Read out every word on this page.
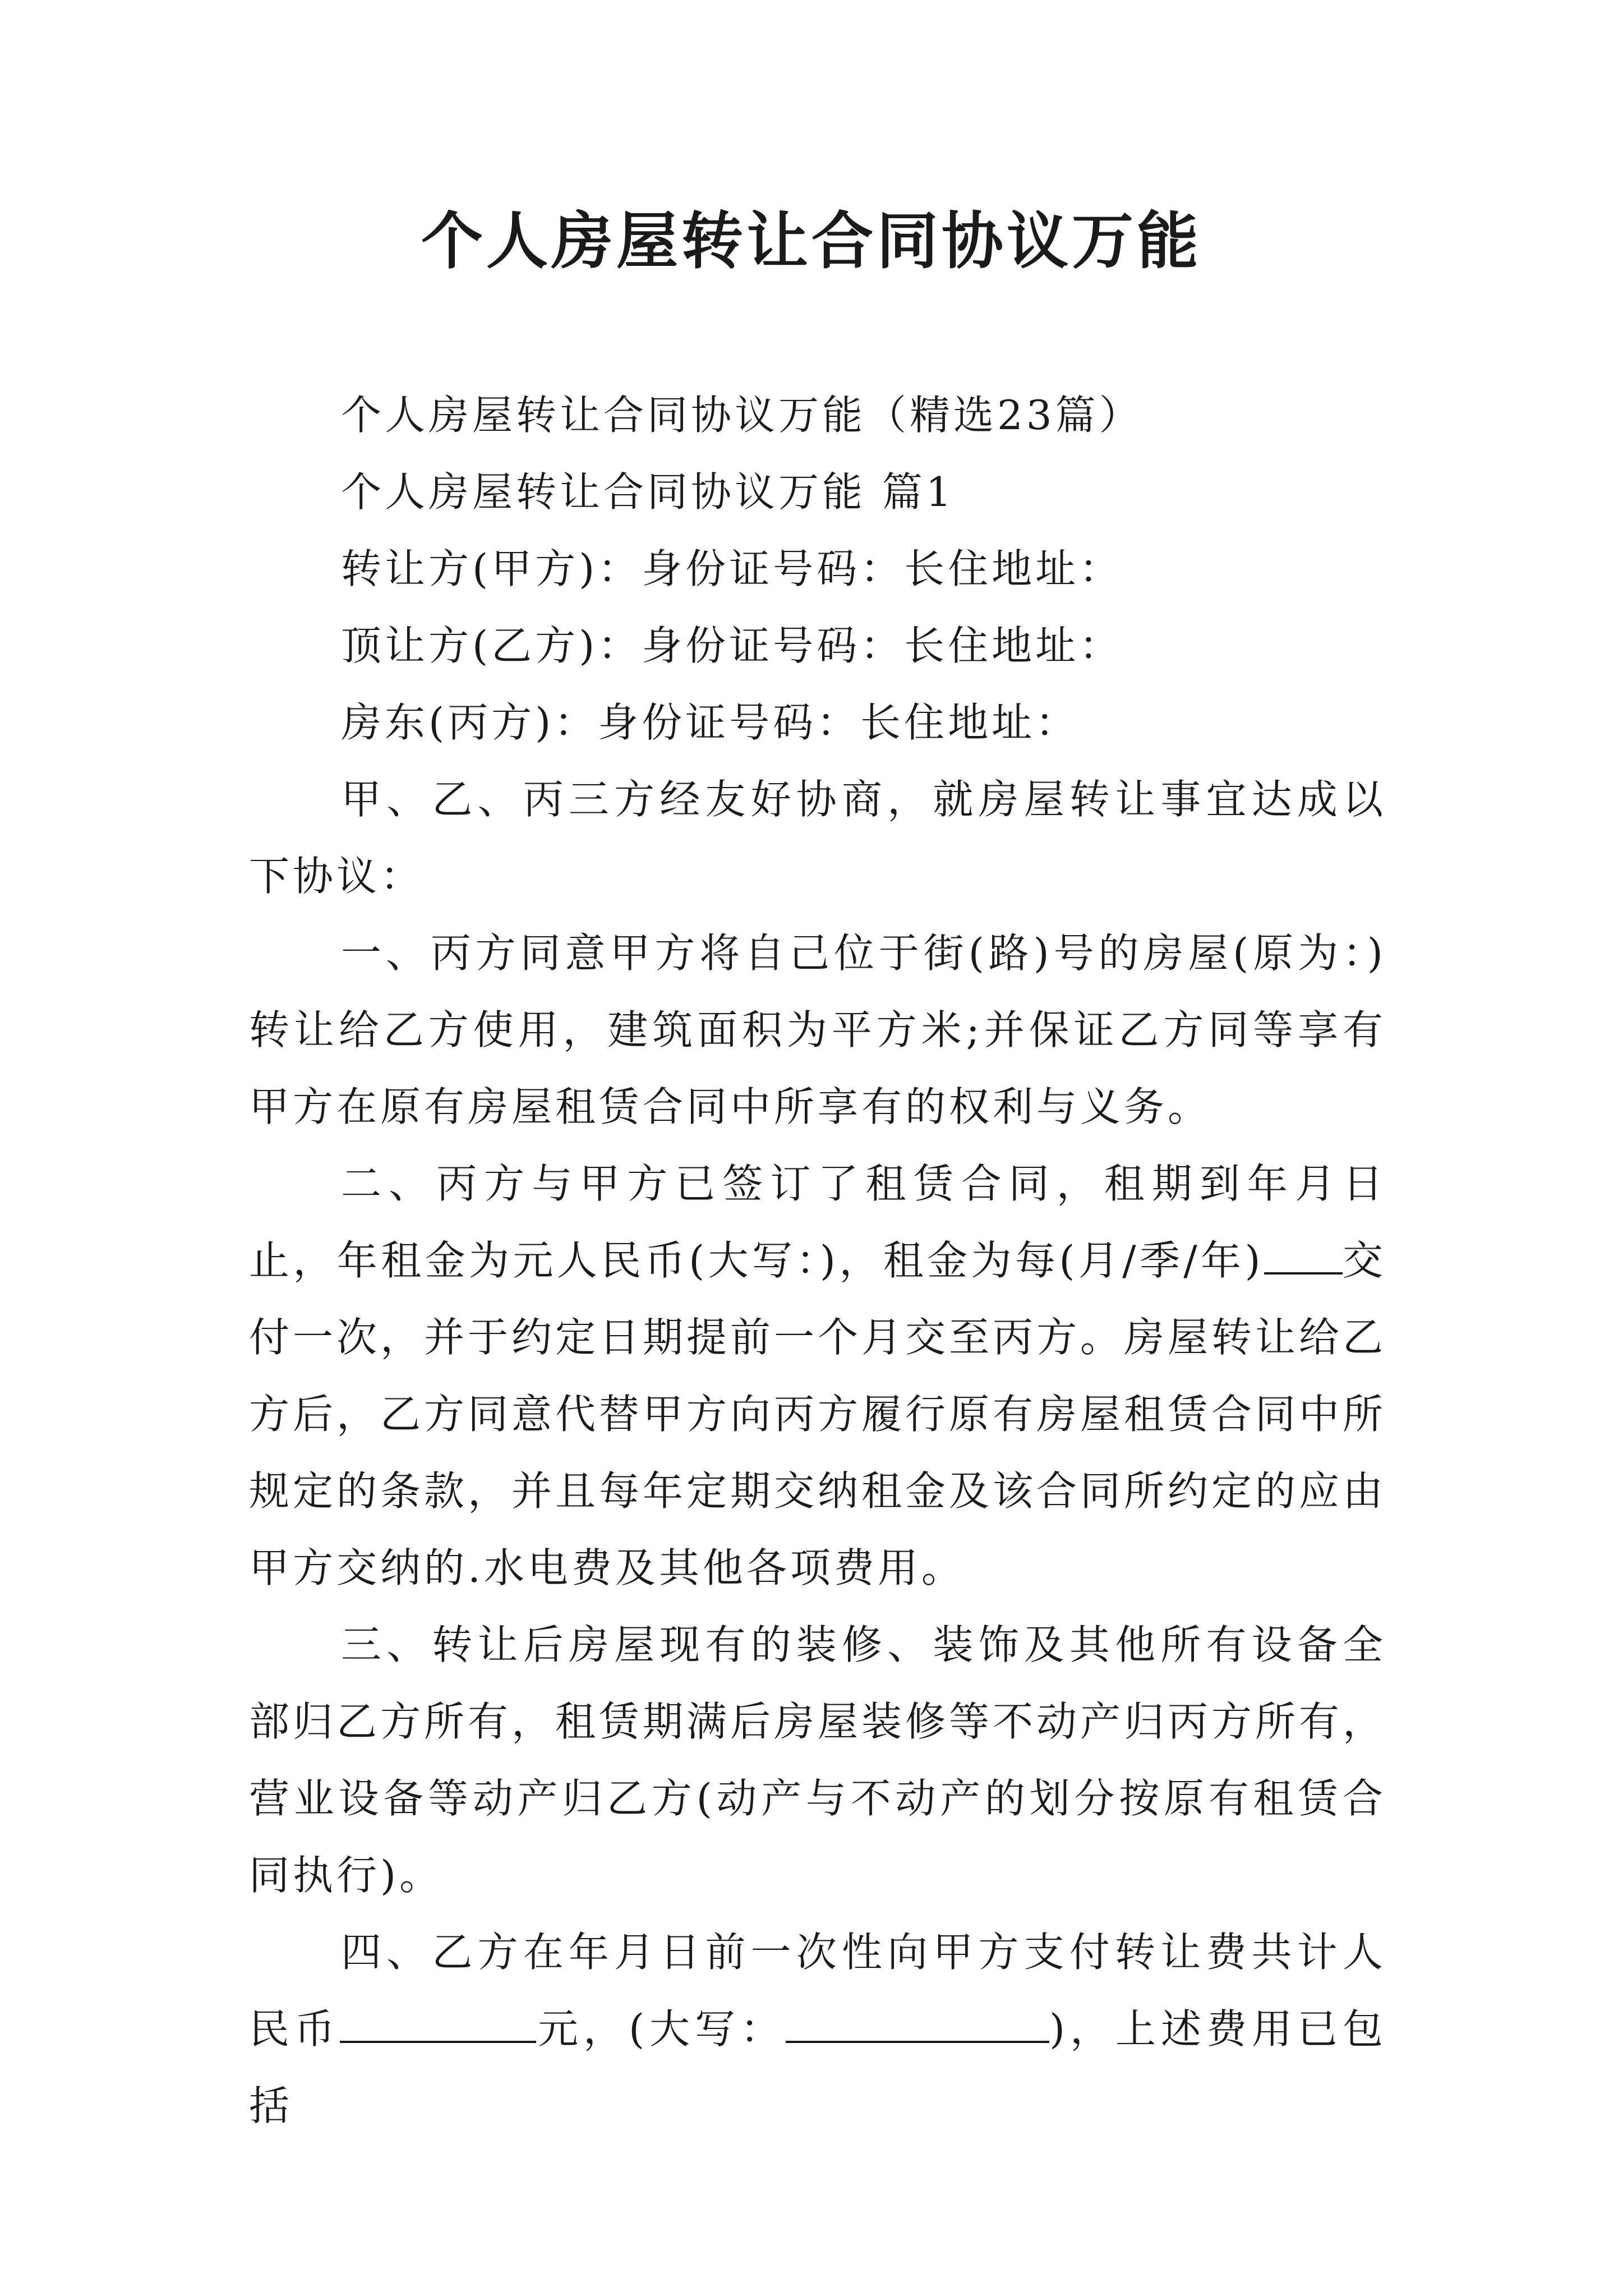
个人房屋转让合同协议万能

个人房屋转让合同协议万能（精选23篇）

个人房屋转让合同协议万能 篇1

转让方(甲方)：身份证号码：长住地址：

顶让方(乙方)：身份证号码：长住地址：

房东(丙方)：身份证号码：长住地址：

甲、乙、丙三方经友好协商，就房屋转让事宜达成以下协议：

一、丙方同意甲方将自己位于街(路)号的房屋(原为：)转让给乙方使用，建筑面积为平方米;并保证乙方同等享有甲方在原有房屋租赁合同中所享有的权利与义务。

二、丙方与甲方已签订了租赁合同，租期到年月日止，年租金为元人民币(大写：)，租金为每(月/季/年) 交付一次，并于约定日期提前一个月交至丙方。房屋转让给乙方后，乙方同意代替甲方向丙方履行原有房屋租赁合同中所规定的条款，并且每年定期交纳租金及该合同所约定的应由甲方交纳的.水电费及其他各项费用。

三、转让后房屋现有的装修、装饰及其他所有设备全部归乙方所有，租赁期满后房屋装修等不动产归丙方所有，营业设备等动产归乙方(动产与不动产的划分按原有租赁合同执行)。

四、乙方在年月日前一次性向甲方支付转让费共计人民币	元，(大写：	)，上述费用已包括
